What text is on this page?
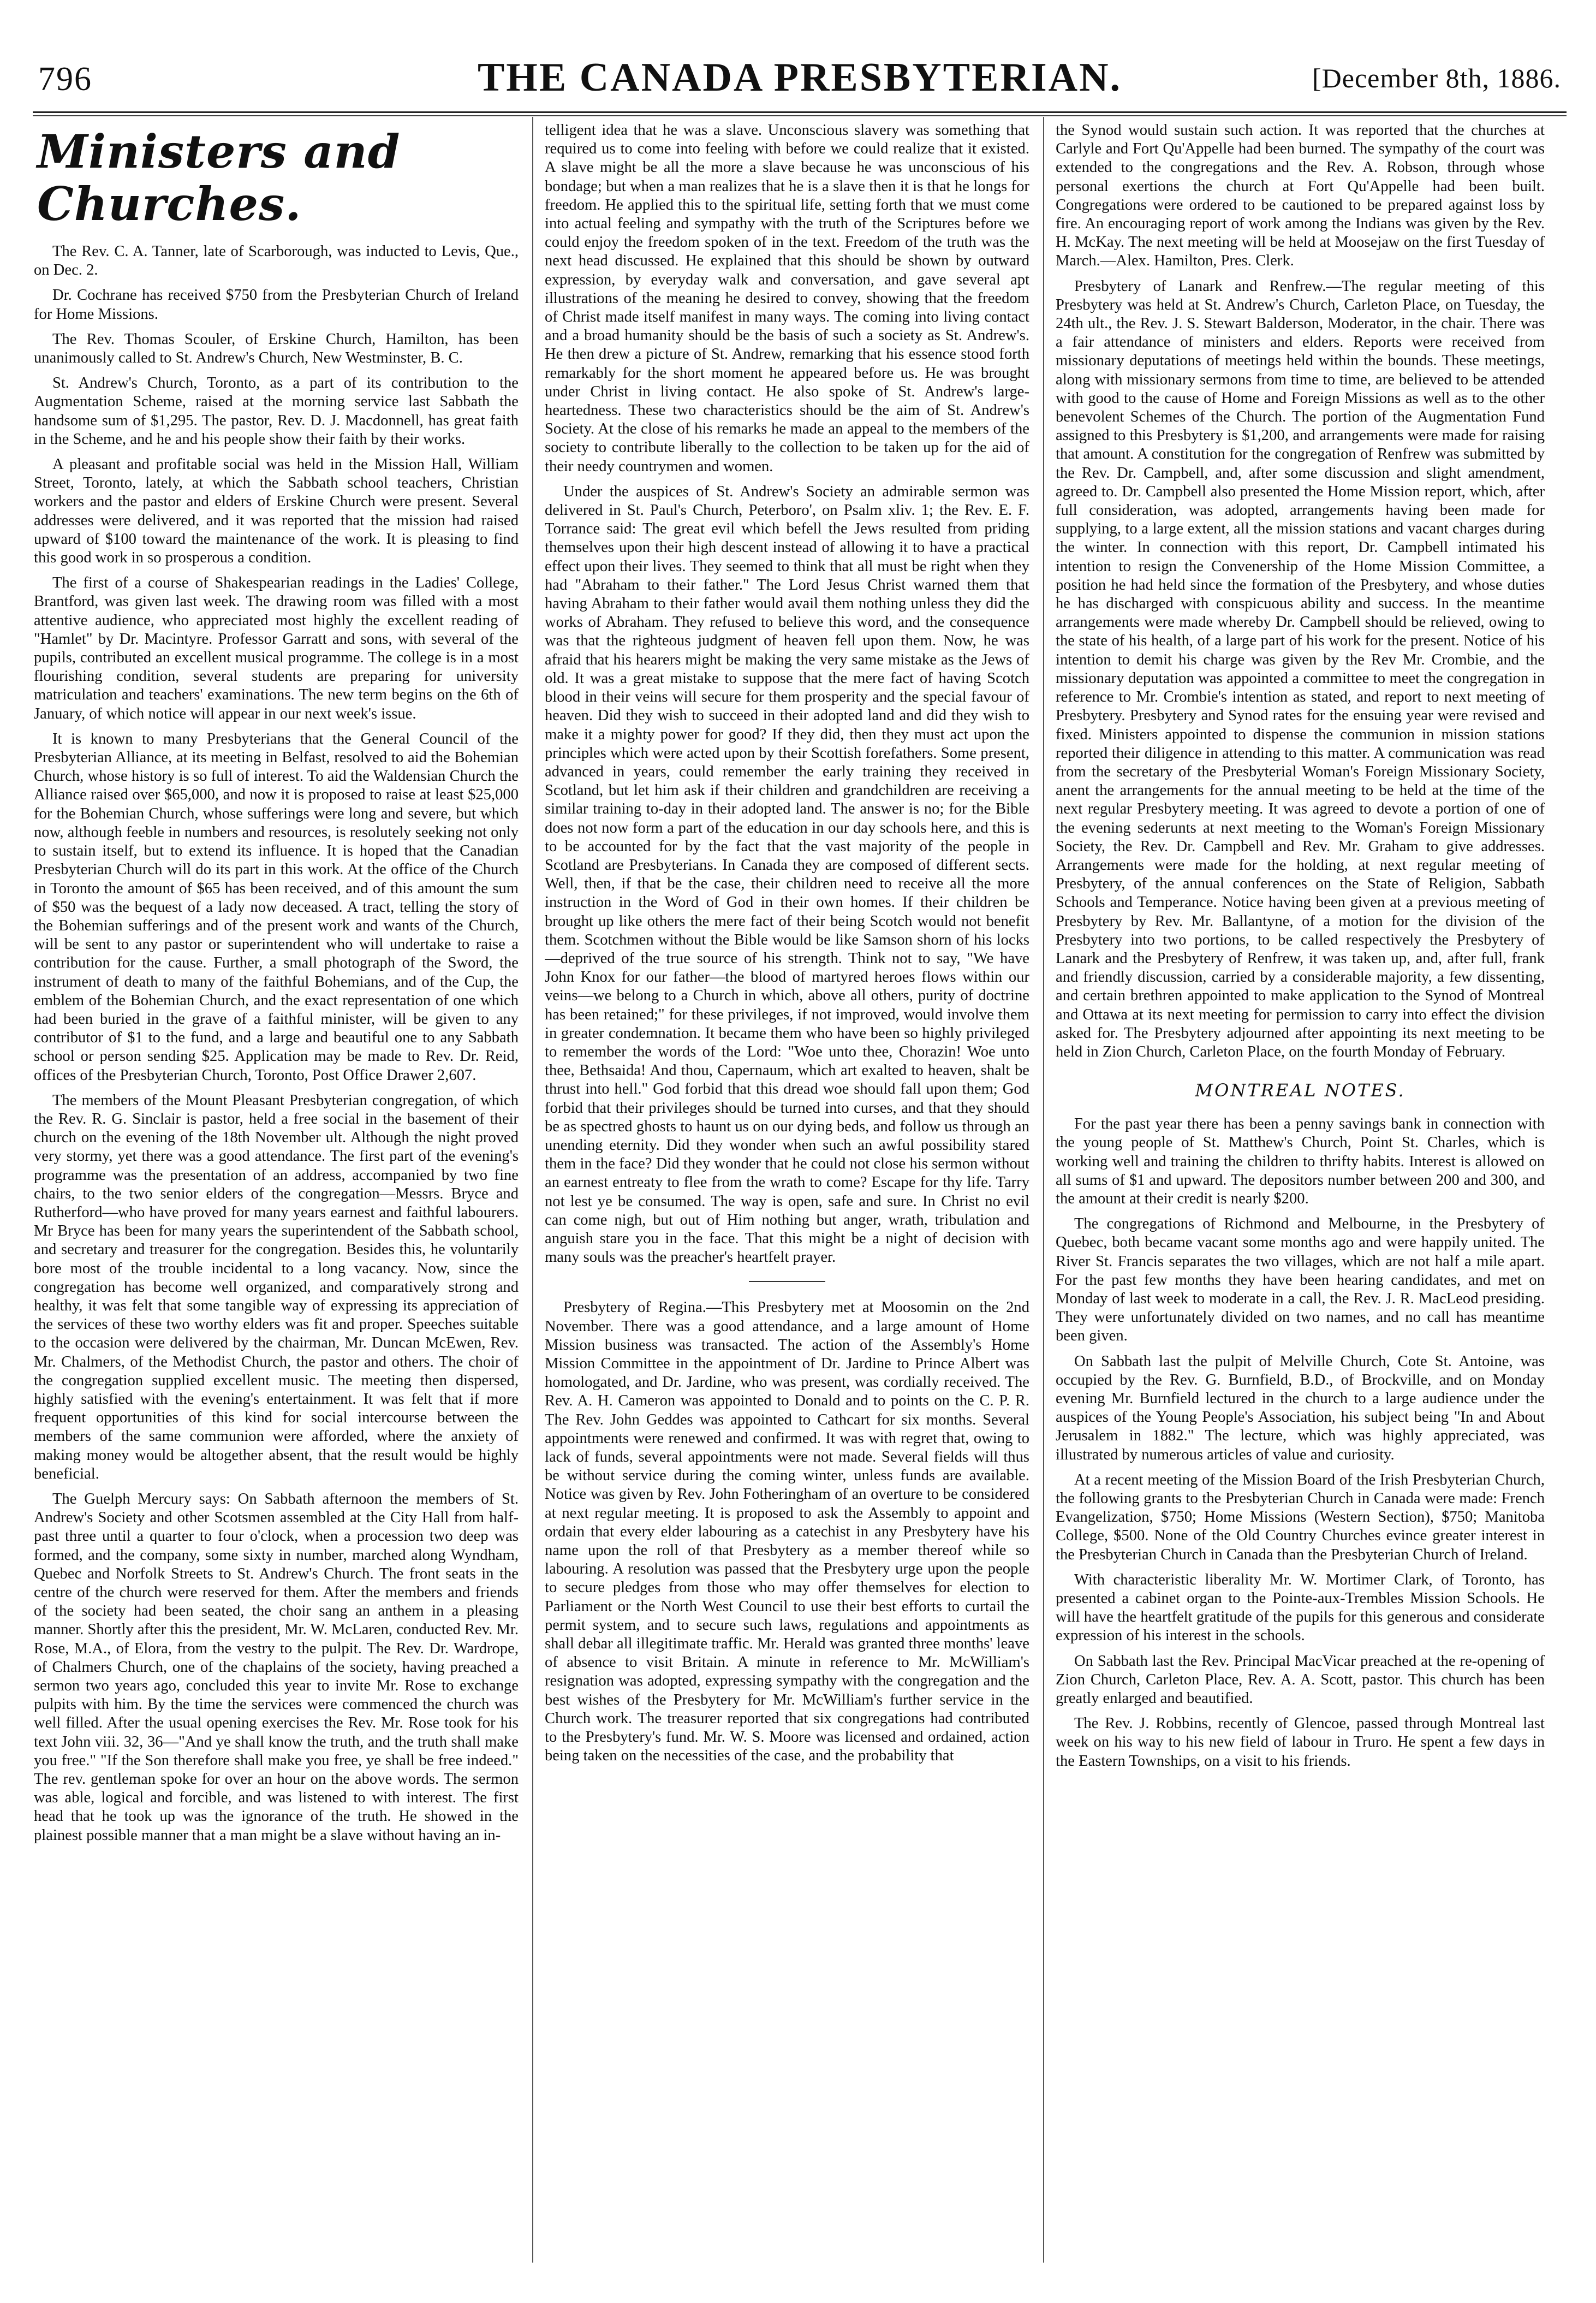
796	THE CANADA PRESBYTERIAN.	[December 8th, 1886.
Ministers and Churches.

The Rev. C. A. Tanner, late of Scarborough, was inducted to Levis, Que., on Dec. 2.

Dr. Cochrane has received $750 from the Presbyterian Church of Ireland for Home Missions.

The Rev. Thomas Scouler, of Erskine Church, Hamilton, has been unanimously called to St. Andrew's Church, New Westminster, B. C.

St. Andrew's Church, Toronto, as a part of its contribution to the Augmentation Scheme, raised at the morning service last Sabbath the handsome sum of $1,295. The pastor, Rev. D. J. Macdonnell, has great faith in the Scheme, and he and his people show their faith by their works.

A pleasant and profitable social was held in the Mission Hall, William Street, Toronto, lately, at which the Sabbath school teachers, Christian workers and the pastor and elders of Erskine Church were present. Several addresses were delivered, and it was reported that the mission had raised upward of $100 toward the maintenance of the work. It is pleasing to find this good work in so prosperous a condition.

The first of a course of Shakespearian readings in the Ladies' College, Brantford, was given last week. The drawing room was filled with a most attentive audience, who appreciated most highly the excellent reading of "Hamlet" by Dr. Macintyre. Professor Garratt and sons, with several of the pupils, contributed an excellent musical programme. The college is in a most flourishing condition, several students are preparing for university matriculation and teachers' examinations. The new term begins on the 6th of January, of which notice will appear in our next week's issue.

It is known to many Presbyterians that the General Council of the Presbyterian Alliance, at its meeting in Belfast, resolved to aid the Bohemian Church, whose history is so full of interest. To aid the Waldensian Church the Alliance raised over $65,000, and now it is proposed to raise at least $25,000 for the Bohemian Church, whose sufferings were long and severe, but which now, although feeble in numbers and resources, is resolutely seeking not only to sustain itself, but to extend its influence. It is hoped that the Canadian Presbyterian Church will do its part in this work. At the office of the Church in Toronto the amount of $65 has been received, and of this amount the sum of $50 was the bequest of a lady now deceased. A tract, telling the story of the Bohemian sufferings and of the present work and wants of the Church, will be sent to any pastor or superintendent who will undertake to raise a contribution for the cause. Further, a small photograph of the Sword, the instrument of death to many of the faithful Bohemians, and of the Cup, the emblem of the Bohemian Church, and the exact representation of one which had been buried in the grave of a faithful minister, will be given to any contributor of $1 to the fund, and a large and beautiful one to any Sabbath school or person sending $25. Application may be made to Rev. Dr. Reid, offices of the Presbyterian Church, Toronto, Post Office Drawer 2,607.

The members of the Mount Pleasant Presbyterian congregation, of which the Rev. R. G. Sinclair is pastor, held a free social in the basement of their church on the evening of the 18th November ult. Although the night proved very stormy, yet there was a good attendance. The first part of the evening's programme was the presentation of an address, accompanied by two fine chairs, to the two senior elders of the congregation—Messrs. Bryce and Rutherford—who have proved for many years earnest and faithful labourers. Mr Bryce has been for many years the superintendent of the Sabbath school, and secretary and treasurer for the congregation. Besides this, he voluntarily bore most of the trouble incidental to a long vacancy. Now, since the congregation has become well organized, and comparatively strong and healthy, it was felt that some tangible way of expressing its appreciation of the services of these two worthy elders was fit and proper. Speeches suitable to the occasion were delivered by the chairman, Mr. Duncan McEwen, Rev. Mr. Chalmers, of the Methodist Church, the pastor and others. The choir of the congregation supplied excellent music. The meeting then dispersed, highly satisfied with the evening's entertainment. It was felt that if more frequent opportunities of this kind for social intercourse between the members of the same communion were afforded, where the anxiety of making money would be altogether absent, that the result would be highly beneficial.

The Guelph Mercury says: On Sabbath afternoon the members of St. Andrew's Society and other Scotsmen assembled at the City Hall from half-past three until a quarter to four o'clock, when a procession two deep was formed, and the company, some sixty in number, marched along Wyndham, Quebec and Norfolk Streets to St. Andrew's Church. The front seats in the centre of the church were reserved for them. After the members and friends of the society had been seated, the choir sang an anthem in a pleasing manner. Shortly after this the president, Mr. W. McLaren, conducted Rev. Mr. Rose, M.A., of Elora, from the vestry to the pulpit. The Rev. Dr. Wardrope, of Chalmers Church, one of the chaplains of the society, having preached a sermon two years ago, concluded this year to invite Mr. Rose to exchange pulpits with him. By the time the services were commenced the church was well filled. After the usual opening exercises the Rev. Mr. Rose took for his text John viii. 32, 36—"And ye shall know the truth, and the truth shall make you free." "If the Son therefore shall make you free, ye shall be free indeed." The rev. gentleman spoke for over an hour on the above words. The sermon was able, logical and forcible, and was listened to with interest. The first head that he took up was the ignorance of the truth. He showed in the plainest possible manner that a man might be a slave without having an in-

telligent idea that he was a slave. Unconscious slavery was something that required us to come into feeling with before we could realize that it existed. A slave might be all the more a slave because he was unconscious of his bondage; but when a man realizes that he is a slave then it is that he longs for freedom. He applied this to the spiritual life, setting forth that we must come into actual feeling and sympathy with the truth of the Scriptures before we could enjoy the freedom spoken of in the text. Freedom of the truth was the next head discussed. He explained that this should be shown by outward expression, by everyday walk and conversation, and gave several apt illustrations of the meaning he desired to convey, showing that the freedom of Christ made itself manifest in many ways. The coming into living contact and a broad humanity should be the basis of such a society as St. Andrew's. He then drew a picture of St. Andrew, remarking that his essence stood forth remarkably for the short moment he appeared before us. He was brought under Christ in living contact. He also spoke of St. Andrew's large-heartedness. These two characteristics should be the aim of St. Andrew's Society. At the close of his remarks he made an appeal to the members of the society to contribute liberally to the collection to be taken up for the aid of their needy countrymen and women.

Under the auspices of St. Andrew's Society an admirable sermon was delivered in St. Paul's Church, Peterboro', on Psalm xliv. 1; the Rev. E. F. Torrance said: The great evil which befell the Jews resulted from priding themselves upon their high descent instead of allowing it to have a practical effect upon their lives. They seemed to think that all must be right when they had "Abraham to their father." The Lord Jesus Christ warned them that having Abraham to their father would avail them nothing unless they did the works of Abraham. They refused to believe this word, and the consequence was that the righteous judgment of heaven fell upon them. Now, he was afraid that his hearers might be making the very same mistake as the Jews of old. It was a great mistake to suppose that the mere fact of having Scotch blood in their veins will secure for them prosperity and the special favour of heaven. Did they wish to succeed in their adopted land and did they wish to make it a mighty power for good? If they did, then they must act upon the principles which were acted upon by their Scottish forefathers. Some present, advanced in years, could remember the early training they received in Scotland, but let him ask if their children and grandchildren are receiving a similar training to-day in their adopted land. The answer is no; for the Bible does not now form a part of the education in our day schools here, and this is to be accounted for by the fact that the vast majority of the people in Scotland are Presbyterians. In Canada they are composed of different sects. Well, then, if that be the case, their children need to receive all the more instruction in the Word of God in their own homes. If their children be brought up like others the mere fact of their being Scotch would not benefit them. Scotchmen without the Bible would be like Samson shorn of his locks—deprived of the true source of his strength. Think not to say, "We have John Knox for our father—the blood of martyred heroes flows within our veins—we belong to a Church in which, above all others, purity of doctrine has been retained;" for these privileges, if not improved, would involve them in greater condemnation. It became them who have been so highly privileged to remember the words of the Lord: "Woe unto thee, Chorazin! Woe unto thee, Bethsaida! And thou, Capernaum, which art exalted to heaven, shalt be thrust into hell." God forbid that this dread woe should fall upon them; God forbid that their privileges should be turned into curses, and that they should be as spectred ghosts to haunt us on our dying beds, and follow us through an unending eternity. Did they wonder when such an awful possibility stared them in the face? Did they wonder that he could not close his sermon without an earnest entreaty to flee from the wrath to come? Escape for thy life. Tarry not lest ye be consumed. The way is open, safe and sure. In Christ no evil can come nigh, but out of Him nothing but anger, wrath, tribulation and anguish stare you in the face. That this might be a night of decision with many souls was the preacher's heartfelt prayer.

Presbytery of Regina.—This Presbytery met at Moosomin on the 2nd November. There was a good attendance, and a large amount of Home Mission business was transacted. The action of the Assembly's Home Mission Committee in the appointment of Dr. Jardine to Prince Albert was homologated, and Dr. Jardine, who was present, was cordially received. The Rev. A. H. Cameron was appointed to Donald and to points on the C. P. R. The Rev. John Geddes was appointed to Cathcart for six months. Several appointments were renewed and confirmed. It was with regret that, owing to lack of funds, several appointments were not made. Several fields will thus be without service during the coming winter, unless funds are available. Notice was given by Rev. John Fotheringham of an overture to be considered at next regular meeting. It is proposed to ask the Assembly to appoint and ordain that every elder labouring as a catechist in any Presbytery have his name upon the roll of that Presbytery as a member thereof while so labouring. A resolution was passed that the Presbytery urge upon the people to secure pledges from those who may offer themselves for election to Parliament or the North West Council to use their best efforts to curtail the permit system, and to secure such laws, regulations and appointments as shall debar all illegitimate traffic. Mr. Herald was granted three months' leave of absence to visit Britain. A minute in reference to Mr. McWilliam's resignation was adopted, expressing sympathy with the congregation and the best wishes of the Presbytery for Mr. McWilliam's further service in the Church work. The treasurer reported that six congregations had contributed to the Presbytery's fund. Mr. W. S. Moore was licensed and ordained, action being taken on the necessities of the case, and the probability that

the Synod would sustain such action. It was reported that the churches at Carlyle and Fort Qu'Appelle had been burned. The sympathy of the court was extended to the congregations and the Rev. A. Robson, through whose personal exertions the church at Fort Qu'Appelle had been built. Congregations were ordered to be cautioned to be prepared against loss by fire. An encouraging report of work among the Indians was given by the Rev. H. McKay. The next meeting will be held at Moosejaw on the first Tuesday of March.—Alex. Hamilton, Pres. Clerk.

Presbytery of Lanark and Renfrew.—The regular meeting of this Presbytery was held at St. Andrew's Church, Carleton Place, on Tuesday, the 24th ult., the Rev. J. S. Stewart Balderson, Moderator, in the chair. There was a fair attendance of ministers and elders. Reports were received from missionary deputations of meetings held within the bounds. These meetings, along with missionary sermons from time to time, are believed to be attended with good to the cause of Home and Foreign Missions as well as to the other benevolent Schemes of the Church. The portion of the Augmentation Fund assigned to this Presbytery is $1,200, and arrangements were made for raising that amount. A constitution for the congregation of Renfrew was submitted by the Rev. Dr. Campbell, and, after some discussion and slight amendment, agreed to. Dr. Campbell also presented the Home Mission report, which, after full consideration, was adopted, arrangements having been made for supplying, to a large extent, all the mission stations and vacant charges during the winter. In connection with this report, Dr. Campbell intimated his intention to resign the Convenership of the Home Mission Committee, a position he had held since the formation of the Presbytery, and whose duties he has discharged with conspicuous ability and success. In the meantime arrangements were made whereby Dr. Campbell should be relieved, owing to the state of his health, of a large part of his work for the present. Notice of his intention to demit his charge was given by the Rev Mr. Crombie, and the missionary deputation was appointed a committee to meet the congregation in reference to Mr. Crombie's intention as stated, and report to next meeting of Presbytery. Presbytery and Synod rates for the ensuing year were revised and fixed. Ministers appointed to dispense the communion in mission stations reported their diligence in attending to this matter. A communication was read from the secretary of the Presbyterial Woman's Foreign Missionary Society, anent the arrangements for the annual meeting to be held at the time of the next regular Presbytery meeting. It was agreed to devote a portion of one of the evening sederunts at next meeting to the Woman's Foreign Missionary Society, the Rev. Dr. Campbell and Rev. Mr. Graham to give addresses. Arrangements were made for the holding, at next regular meeting of Presbytery, of the annual conferences on the State of Religion, Sabbath Schools and Temperance. Notice having been given at a previous meeting of Presbytery by Rev. Mr. Ballantyne, of a motion for the division of the Presbytery into two portions, to be called respectively the Presbytery of Lanark and the Presbytery of Renfrew, it was taken up, and, after full, frank and friendly discussion, carried by a considerable majority, a few dissenting, and certain brethren appointed to make application to the Synod of Montreal and Ottawa at its next meeting for permission to carry into effect the division asked for. The Presbytery adjourned after appointing its next meeting to be held in Zion Church, Carleton Place, on the fourth Monday of February.

MONTREAL NOTES.

For the past year there has been a penny savings bank in connection with the young people of St. Matthew's Church, Point St. Charles, which is working well and training the children to thrifty habits. Interest is allowed on all sums of $1 and upward. The depositors number between 200 and 300, and the amount at their credit is nearly $200.

The congregations of Richmond and Melbourne, in the Presbytery of Quebec, both became vacant some months ago and were happily united. The River St. Francis separates the two villages, which are not half a mile apart. For the past few months they have been hearing candidates, and met on Monday of last week to moderate in a call, the Rev. J. R. MacLeod presiding. They were unfortunately divided on two names, and no call has meantime been given.

On Sabbath last the pulpit of Melville Church, Cote St. Antoine, was occupied by the Rev. G. Burnfield, B.D., of Brockville, and on Monday evening Mr. Burnfield lectured in the church to a large audience under the auspices of the Young People's Association, his subject being "In and About Jerusalem in 1882." The lecture, which was highly appreciated, was illustrated by numerous articles of value and curiosity.

At a recent meeting of the Mission Board of the Irish Presbyterian Church, the following grants to the Presbyterian Church in Canada were made: French Evangelization, $750; Home Missions (Western Section), $750; Manitoba College, $500. None of the Old Country Churches evince greater interest in the Presbyterian Church in Canada than the Presbyterian Church of Ireland.

With characteristic liberality Mr. W. Mortimer Clark, of Toronto, has presented a cabinet organ to the Pointe-aux-Trembles Mission Schools. He will have the heartfelt gratitude of the pupils for this generous and considerate expression of his interest in the schools.

On Sabbath last the Rev. Principal MacVicar preached at the re-opening of Zion Church, Carleton Place, Rev. A. A. Scott, pastor. This church has been greatly enlarged and beautified.

The Rev. J. Robbins, recently of Glencoe, passed through Montreal last week on his way to his new field of labour in Truro. He spent a few days in the Eastern Townships, on a visit to his friends.
